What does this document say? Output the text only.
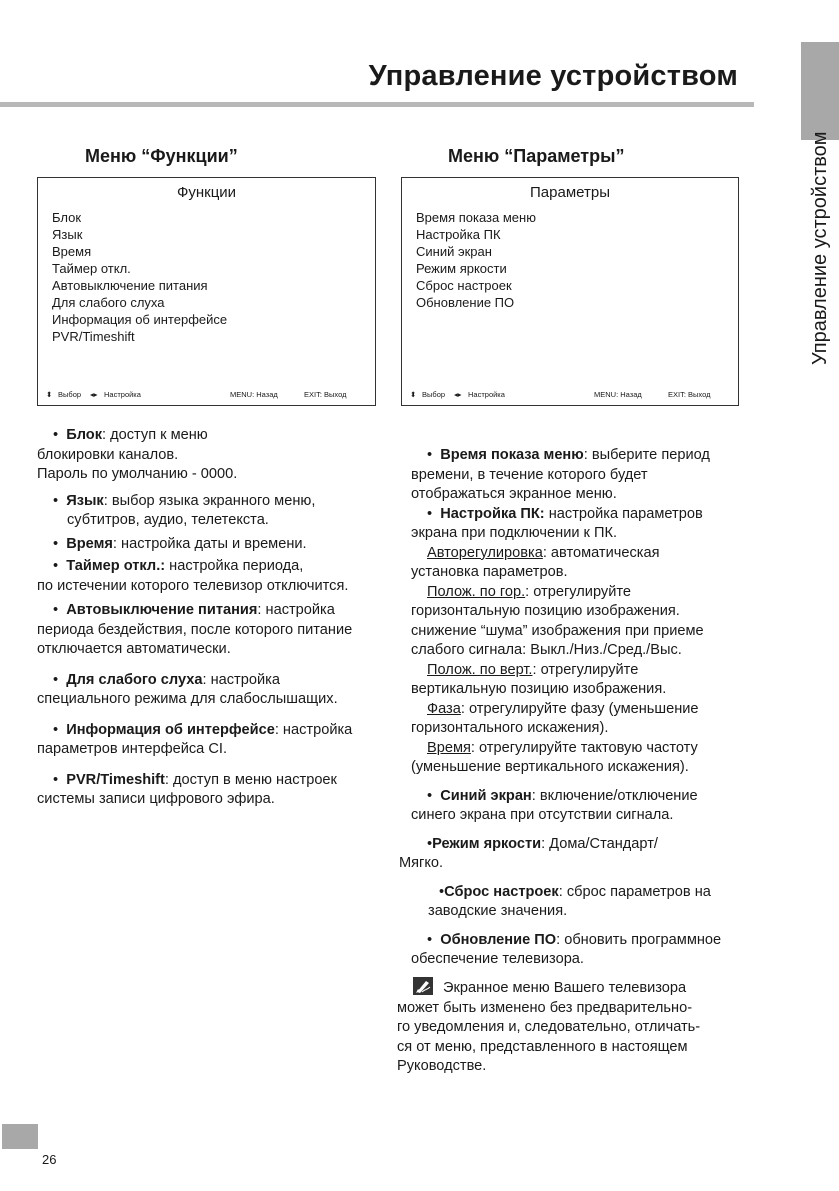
Управление устройством
Управление устройством
Меню “Функции”
Функции
Блок
Язык
Время
Таймер откл.
Автовыключение питания
Для слабого слуха
Информация об интерфейсе
PVR/Timeshift
⬍ Выбор ◂▸ Настройка	MENU: Назад	EXIT: Выход
Меню “Параметры”
Параметры
Время показа меню
Настройка ПК
Синий экран
Режим яркости
Сброс настроек
Обновление ПО
⬍ Выбор ◂▸ Настройка	MENU: Назад	EXIT: Выход

•  Блок: доступ к меню

блокировки каналов.

Пароль по умолчанию - 0000.

•  Язык: выбор языка экранного меню,

субтитров, аудио, телетекста.

•  Время: настройка даты и времени.

•  Таймер откл.: настройка периода,

по истечении которого телевизор отключится.

•  Автовыключение питания: настройка

периода бездействия, после которого питание

отключается автоматически.

•  Для слабого слуха: настройка

специального режима для слабослышащих.

•  Информация об интерфейсе: настройка

параметров интерфейса CI.

•  PVR/Timeshift: доступ в меню настроек

системы записи цифрового эфира.

•  Время показа меню: выберите период

времени, в течение которого будет

отображаться экранное меню.

•  Настройка ПК: настройка параметров

экрана при подключении к ПК.

Авторегулировка: автоматическая

установка параметров.

Полож. по гор.: отрегулируйте

горизонтальную позицию изображения.

снижение “шума” изображения при приеме

слабого сигнала: Выкл./Низ./Сред./Выс.

Полож. по верт.: отрегулируйте

вертикальную позицию изображения.

Фаза: отрегулируйте фазу (уменьшение

горизонтального искажения).

Время: отрегулируйте тактовую частоту

(уменьшение вертикального искажения).

•  Синий экран: включение/отключение

синего экрана при отсутствии сигнала.

•Режим яркости: Дома/Стандарт/

Мягко.

•Сброс настроек: сброс параметров на

заводские значения.

•  Обновление ПО: обновить программное

обеспечение телевизора.

Экранное меню Вашего телевизора

может быть изменено без предварительно-

го уведомления и, следовательно, отличать-

ся от меню, представленного в настоящем

Руководстве.

26
